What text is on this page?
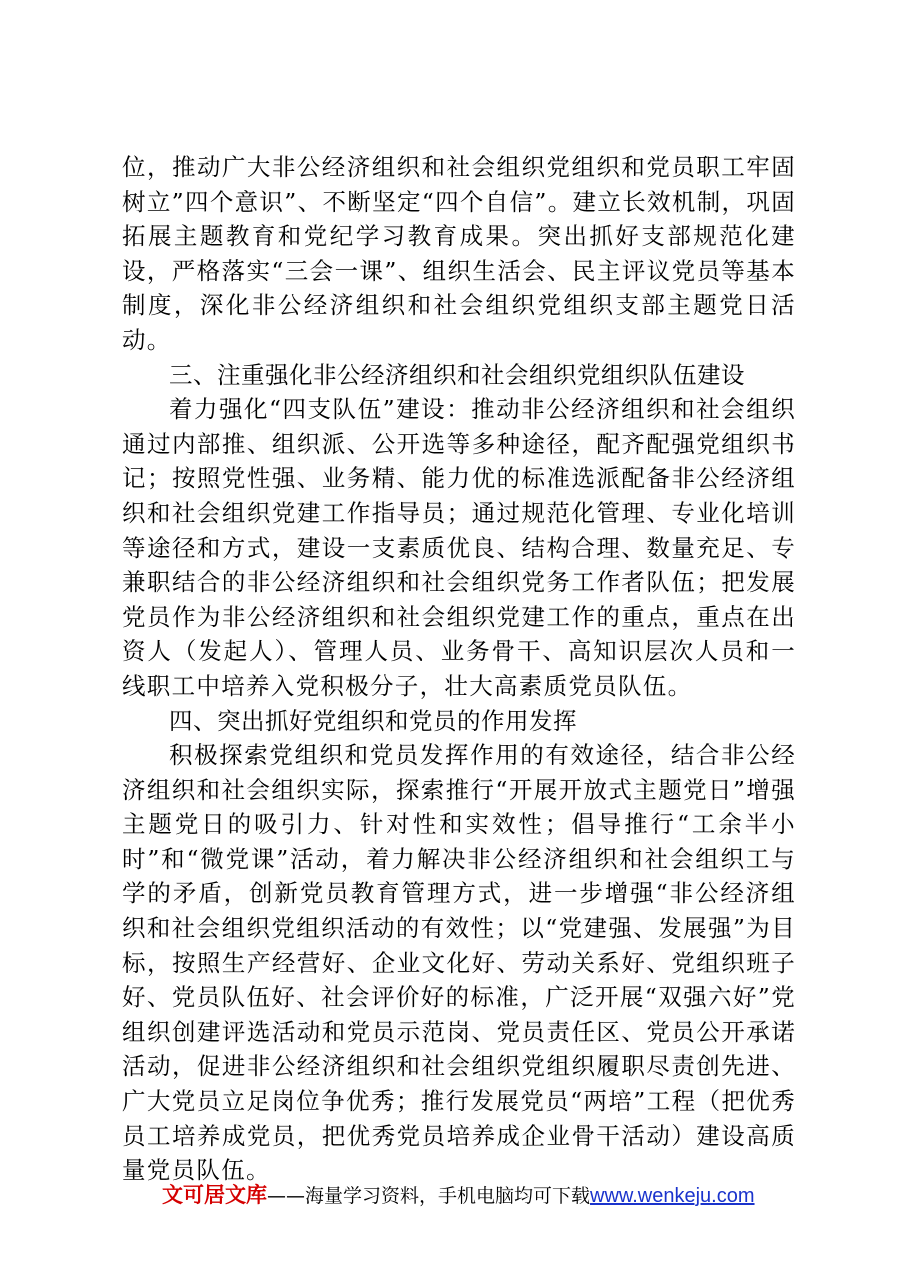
位，推动广大非公经济组织和社会组织党组织和党员职工牢固树立”四个意识”、不断坚定“四个自信”。建立长效机制，巩固拓展主题教育和党纪学习教育成果。突出抓好支部规范化建设，严格落实“三会一课”、组织生活会、民主评议党员等基本制度，深化非公经济组织和社会组织党组织支部主题党日活动。

三、注重强化非公经济组织和社会组织党组织队伍建设

着力强化“四支队伍”建设：推动非公经济组织和社会组织通过内部推、组织派、公开选等多种途径，配齐配强党组织书记；按照党性强、业务精、能力优的标准选派配备非公经济组织和社会组织党建工作指导员；通过规范化管理、专业化培训等途径和方式，建设一支素质优良、结构合理、数量充足、专兼职结合的非公经济组织和社会组织党务工作者队伍；把发展党员作为非公经济组织和社会组织党建工作的重点，重点在出资人（发起人）、管理人员、业务骨干、高知识层次人员和一线职工中培养入党积极分子，壮大高素质党员队伍。

四、突出抓好党组织和党员的作用发挥

积极探索党组织和党员发挥作用的有效途径，结合非公经济组织和社会组织实际，探索推行“开展开放式主题党日”增强主题党日的吸引力、针对性和实效性；倡导推行“工余半小时”和“微党课”活动，着力解决非公经济组织和社会组织工与学的矛盾，创新党员教育管理方式，进一步增强“非公经济组织和社会组织党组织活动的有效性；以“党建强、发展强”为目标，按照生产经营好、企业文化好、劳动关系好、党组织班子好、党员队伍好、社会评价好的标准，广泛开展“双强六好”党组织创建评选活动和党员示范岗、党员责任区、党员公开承诺活动，促进非公经济组织和社会组织党组织履职尽责创先进、广大党员立足岗位争优秀；推行发展党员“两培”工程（把优秀员工培养成党员，把优秀党员培养成企业骨干活动）建设高质量党员队伍。

文可居文库——海量学习资料，手机电脑均可下载www.wenkeju.com
